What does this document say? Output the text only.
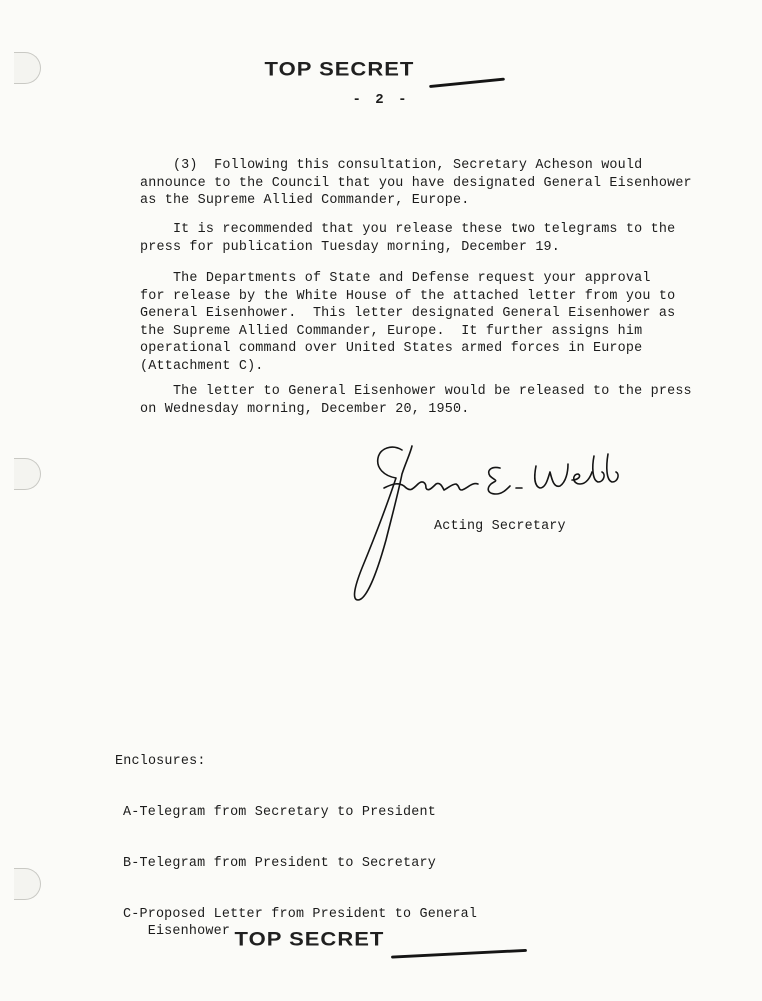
TOP SECRET
- 2 -

(3)  Following this consultation, Secretary Acheson would
announce to the Council that you have designated General Eisenhower
as the Supreme Allied Commander, Europe.

It is recommended that you release these two telegrams to the
press for publication Tuesday morning, December 19.

The Departments of State and Defense request your approval
for release by the White House of the attached letter from you to
General Eisenhower.  This letter designated General Eisenhower as
the Supreme Allied Commander, Europe.  It further assigns him
operational command over United States armed forces in Europe
(Attachment C).

The letter to General Eisenhower would be released to the press
on Wednesday morning, December 20, 1950.

Acting Secretary

Enclosures:

A-Telegram from Secretary to President

B-Telegram from President to Secretary

C-Proposed Letter from President to General
Eisenhower

TOP SECRET
